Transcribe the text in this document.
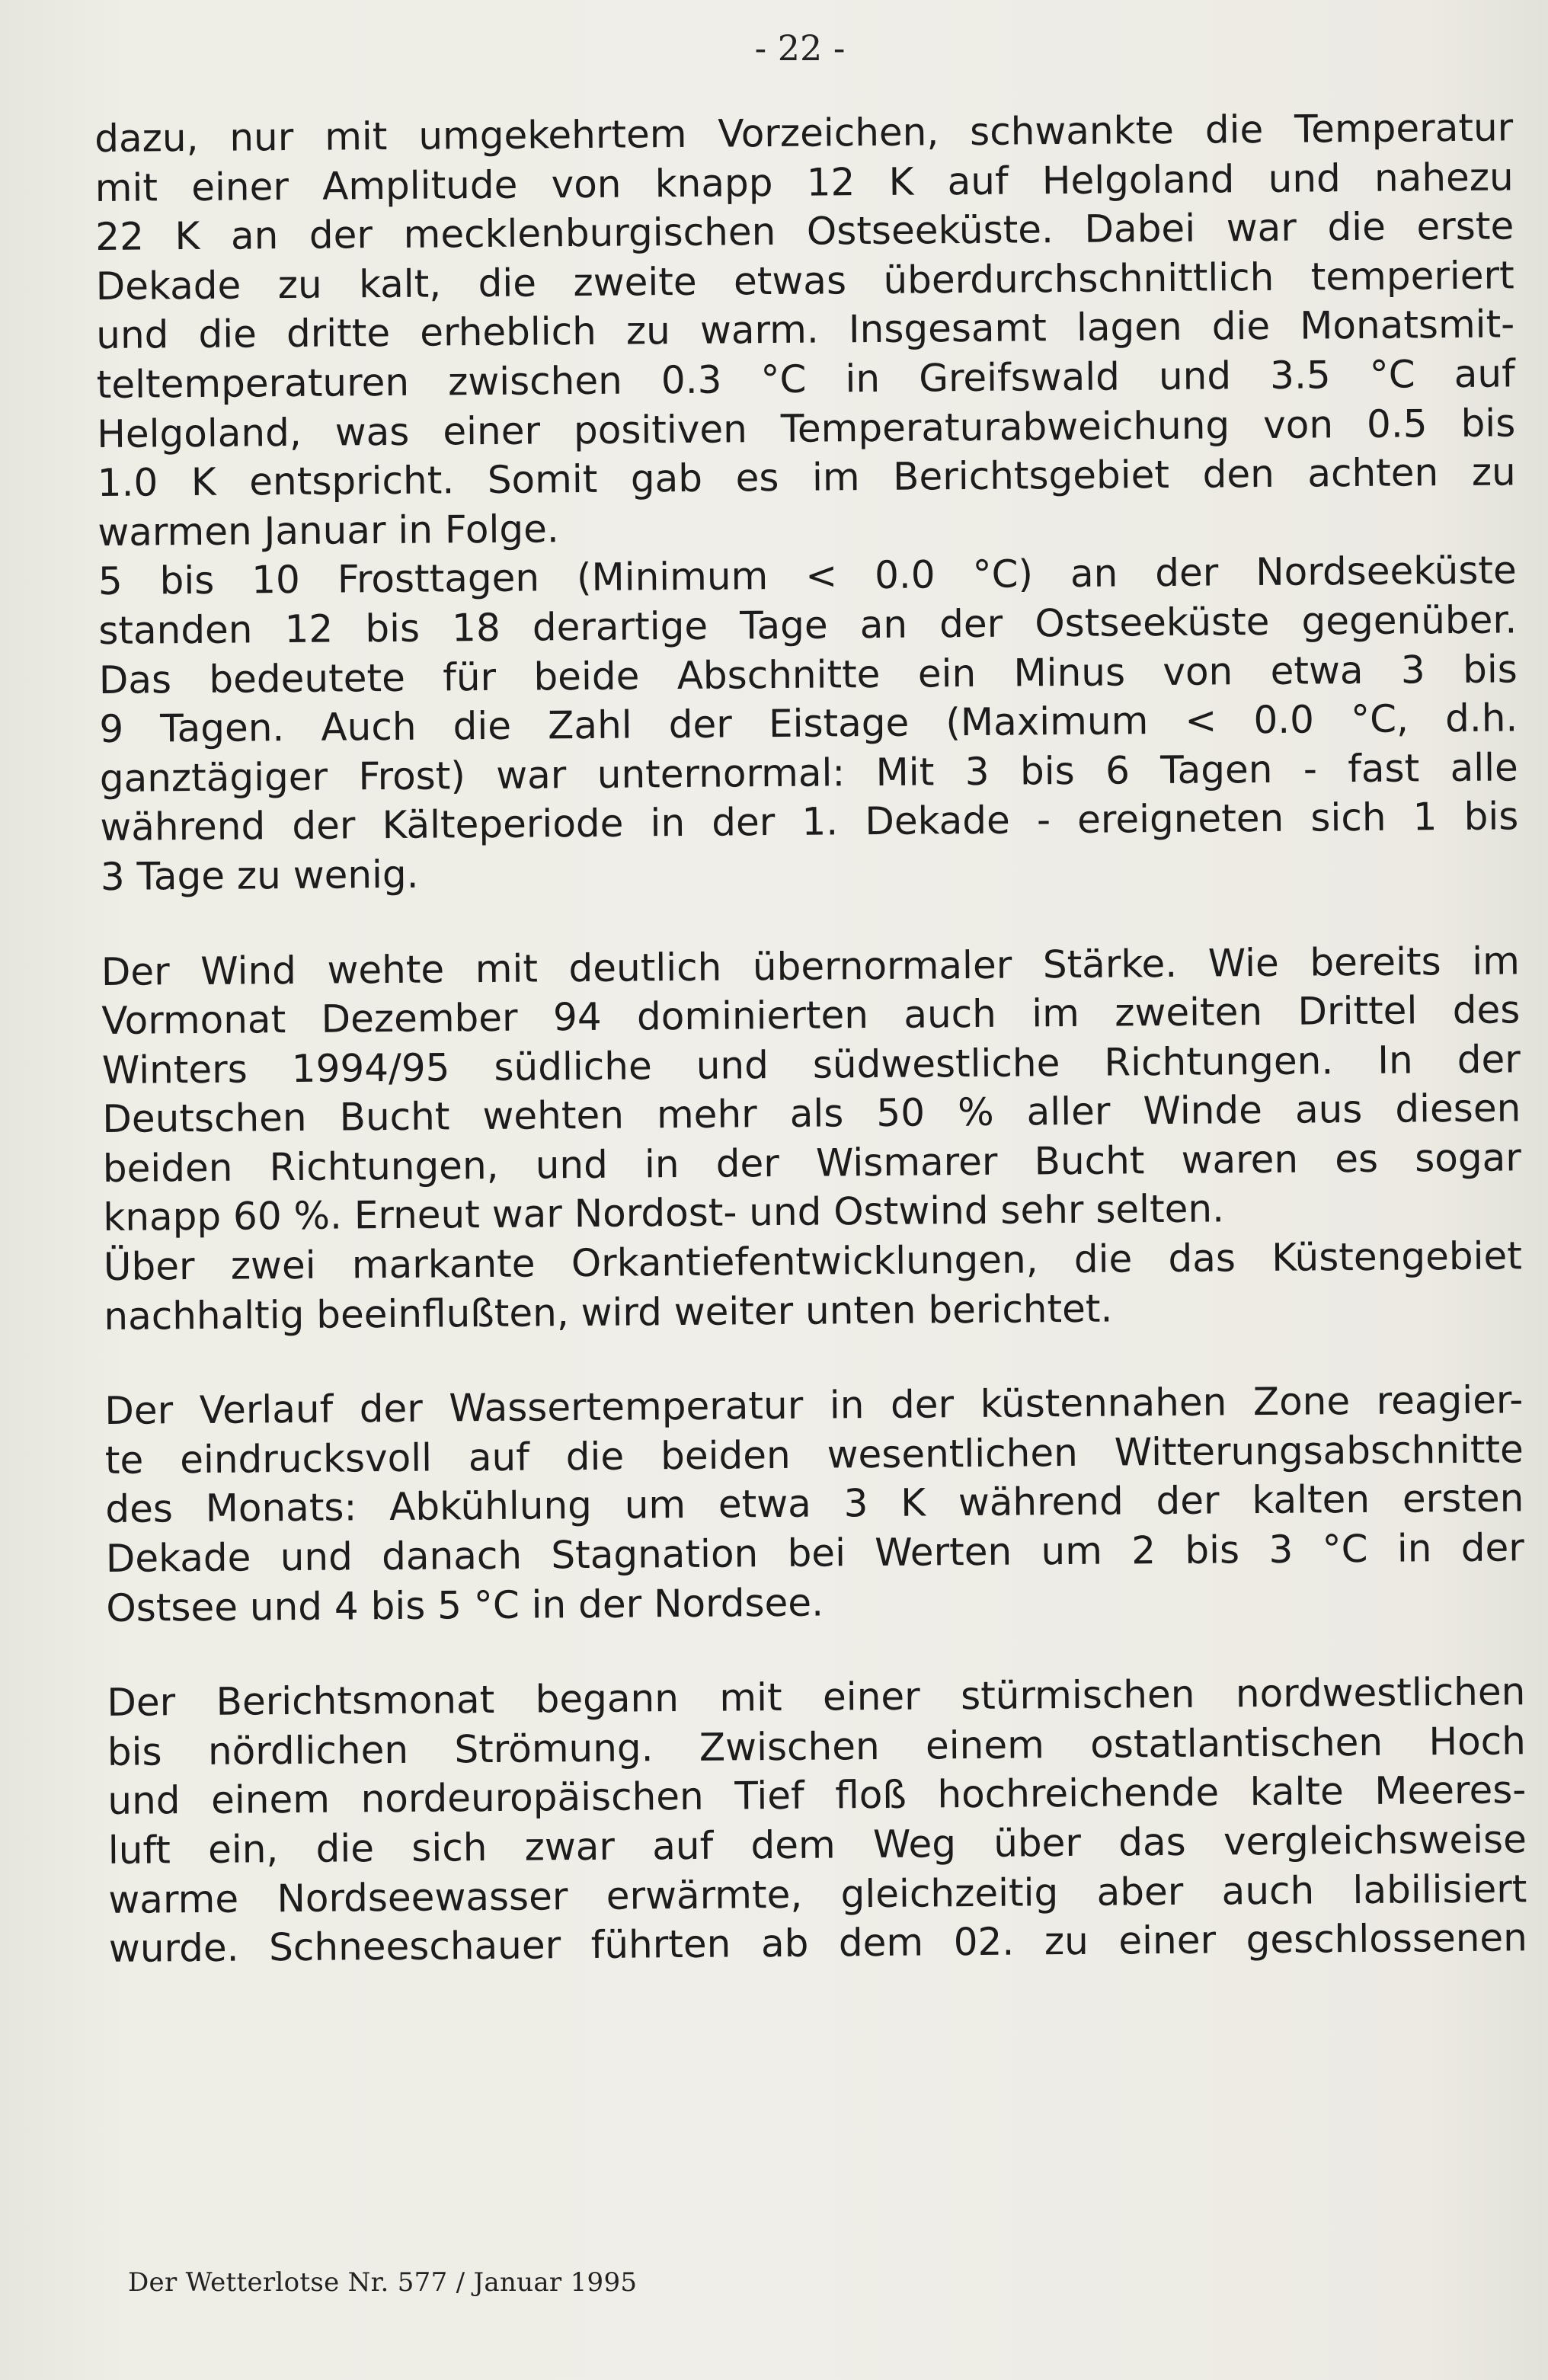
- 22 -
dazu, nur mit umgekehrtem Vorzeichen, schwankte die Temperatur
mit einer Amplitude von knapp 12 K auf Helgoland und nahezu
22 K an der mecklenburgischen Ostseeküste. Dabei war die erste
Dekade zu kalt, die zweite etwas überdurchschnittlich temperiert
und die dritte erheblich zu warm. Insgesamt lagen die Monatsmit-
teltemperaturen zwischen 0.3 °C in Greifswald und 3.5 °C auf
Helgoland, was einer positiven Temperaturabweichung von 0.5 bis
1.0 K entspricht. Somit gab es im Berichtsgebiet den achten zu
warmen Januar in Folge.
5 bis 10 Frosttagen (Minimum < 0.0 °C) an der Nordseeküste
standen 12 bis 18 derartige Tage an der Ostseeküste gegenüber.
Das bedeutete für beide Abschnitte ein Minus von etwa 3 bis
9 Tagen. Auch die Zahl der Eistage (Maximum < 0.0 °C, d.h.
ganztägiger Frost) war unternormal: Mit 3 bis 6 Tagen - fast alle
während der Kälteperiode in der 1. Dekade - ereigneten sich 1 bis
3 Tage zu wenig.
Der Wind wehte mit deutlich übernormaler Stärke. Wie bereits im
Vormonat Dezember 94 dominierten auch im zweiten Drittel des
Winters 1994/95 südliche und südwestliche Richtungen. In der
Deutschen Bucht wehten mehr als 50 % aller Winde aus diesen
beiden Richtungen, und in der Wismarer Bucht waren es sogar
knapp 60 %. Erneut war Nordost- und Ostwind sehr selten.
Über zwei markante Orkantiefentwicklungen, die das Küstengebiet
nachhaltig beeinflußten, wird weiter unten berichtet.
Der Verlauf der Wassertemperatur in der küstennahen Zone reagier-
te eindrucksvoll auf die beiden wesentlichen Witterungsabschnitte
des Monats: Abkühlung um etwa 3 K während der kalten ersten
Dekade und danach Stagnation bei Werten um 2 bis 3 °C in der
Ostsee und 4 bis 5 °C in der Nordsee.
Der Berichtsmonat begann mit einer stürmischen nordwestlichen
bis nördlichen Strömung. Zwischen einem ostatlantischen Hoch
und einem nordeuropäischen Tief floß hochreichende kalte Meeres-
luft ein, die sich zwar auf dem Weg über das vergleichsweise
warme Nordseewasser erwärmte, gleichzeitig aber auch labilisiert
wurde. Schneeschauer führten ab dem 02. zu einer geschlossenen
Der Wetterlotse Nr. 577 / Januar 1995
